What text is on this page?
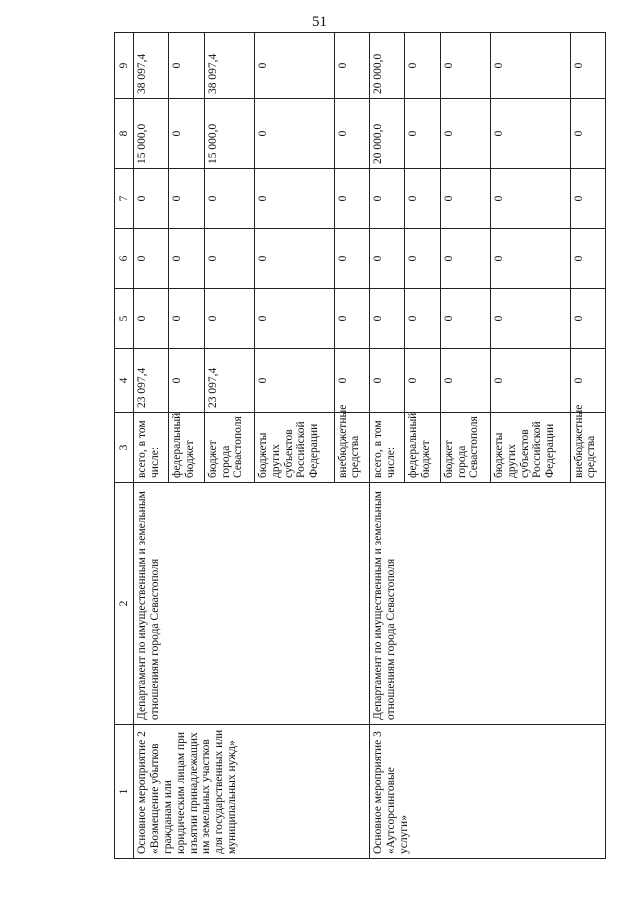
51
1	2	3	4	5	6	7	8	9
Основное мероприятие 2 «Возмещение убытков гражданам или юридическим лицам при изъятии принадлежащих им земельных участков для государственных или муниципальных нужд»	Департамент по имущественным и земельным отношениям города Севастополя	всего, в том числе:	23 097,4	0	0	0	15 000,0	38 097,4
		федеральный бюджет	0	0	0	0	0	0
		бюджет города Севастополя	23 097,4	0	0	0	15 000,0	38 097,4
		бюджеты других субъектов Российской Федерации	0	0	0	0	0	0
		внебюджетные средства	0	0	0	0	0	0
Основное мероприятие 3 «Аутсорсинговые услуги»	Департамент по имущественным и земельным отношениям города Севастополя	всего, в том числе:	0	0	0	0	20 000,0	20 000,0
		федеральный бюджет	0	0	0	0	0	0
		бюджет города Севастополя	0	0	0	0	0	0
		бюджеты других субъектов Российской Федерации	0	0	0	0	0	0
		внебюджетные средства	0	0	0	0	0	0
